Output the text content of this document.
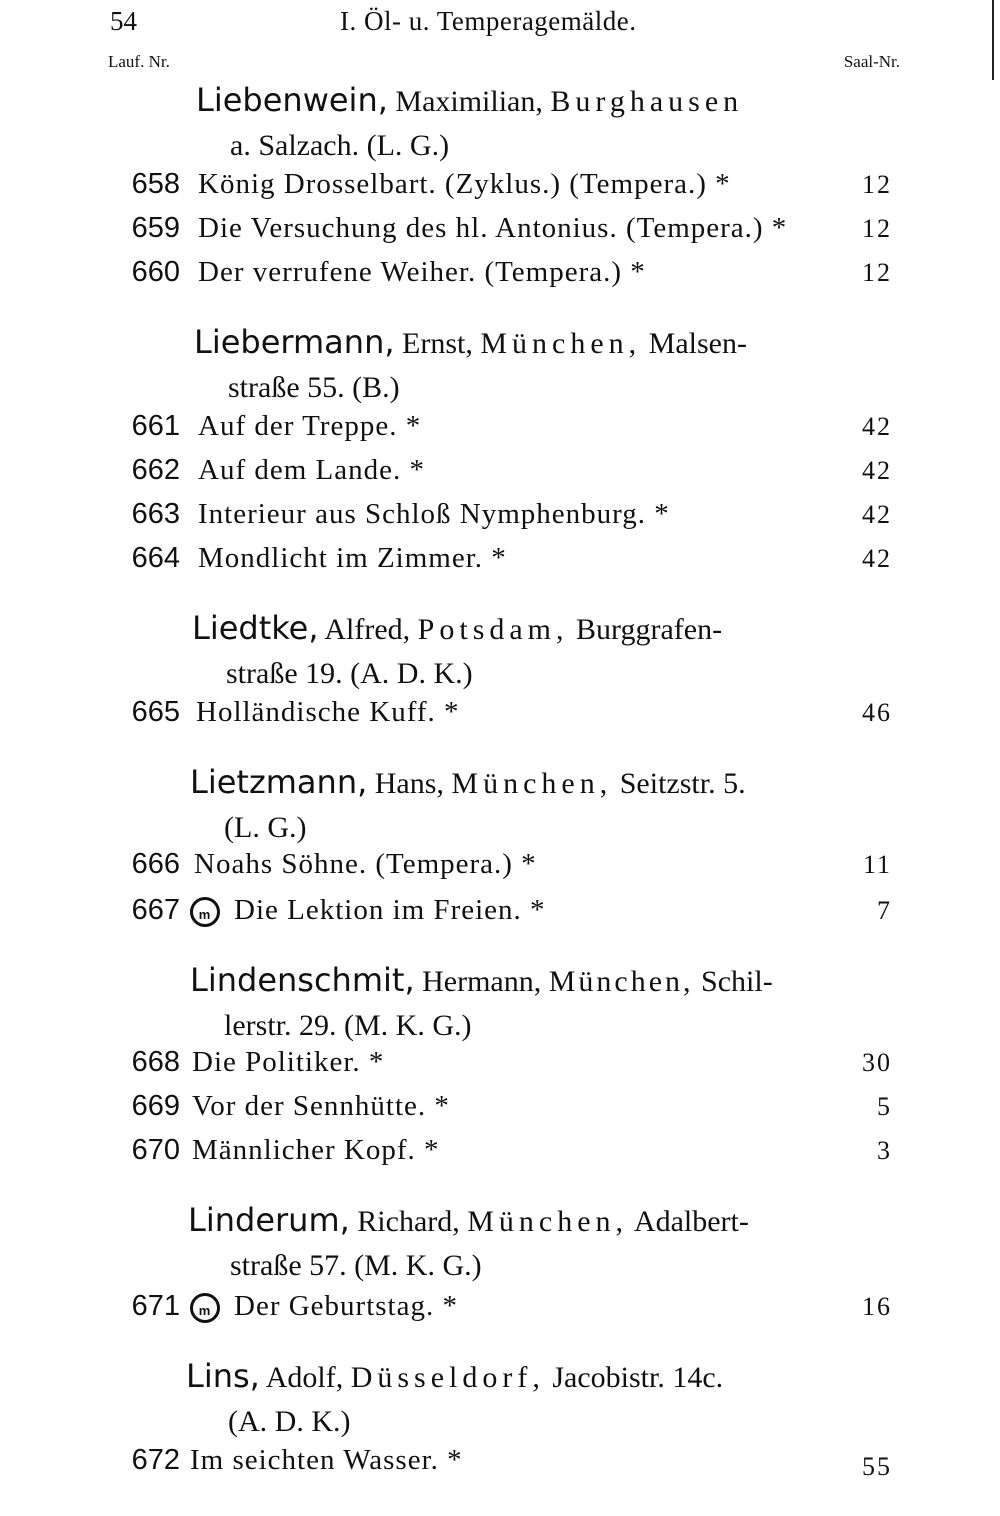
54	I. Öl- u. Temperagemälde.
Lauf. Nr.	Saal-Nr.
Liebenwein, Maximilian, Burghausen
a. Salzach. (L. G.)
658 König Drosselbart. (Zyklus.) (Tempera.) *	12
659 Die Versuchung des hl. Antonius. (Tempera.) *	12
660 Der verrufene Weiher. (Tempera.) *	12
Liebermann, Ernst, München, Malsen-
straße 55. (B.)
661 Auf der Treppe. *	42
662 Auf dem Lande. *	42
663 Interieur aus Schloß Nymphenburg. *	42
664 Mondlicht im Zimmer. *	42
Liedtke, Alfred, Potsdam, Burggrafen-
straße 19. (A. D. K.)
665 Holländische Kuff. *	46
Lietzmann, Hans, München, Seitzstr. 5.
(L. G.)
666 Noahs Söhne. (Tempera.) *	11
667	m Die Lektion im Freien. *	7
Lindenschmit, Hermann, München, Schil-
lerstr. 29. (M. K. G.)
668 Die Politiker. *	30
669 Vor der Sennhütte. *	5
670 Männlicher Kopf. *	3
Linderum, Richard, München, Adalbert-
straße 57. (M. K. G.)
671	m Der Geburtstag. *	16
Lins, Adolf, Düsseldorf, Jacobistr. 14c.
(A. D. K.)
672 Im seichten Wasser. *	55
